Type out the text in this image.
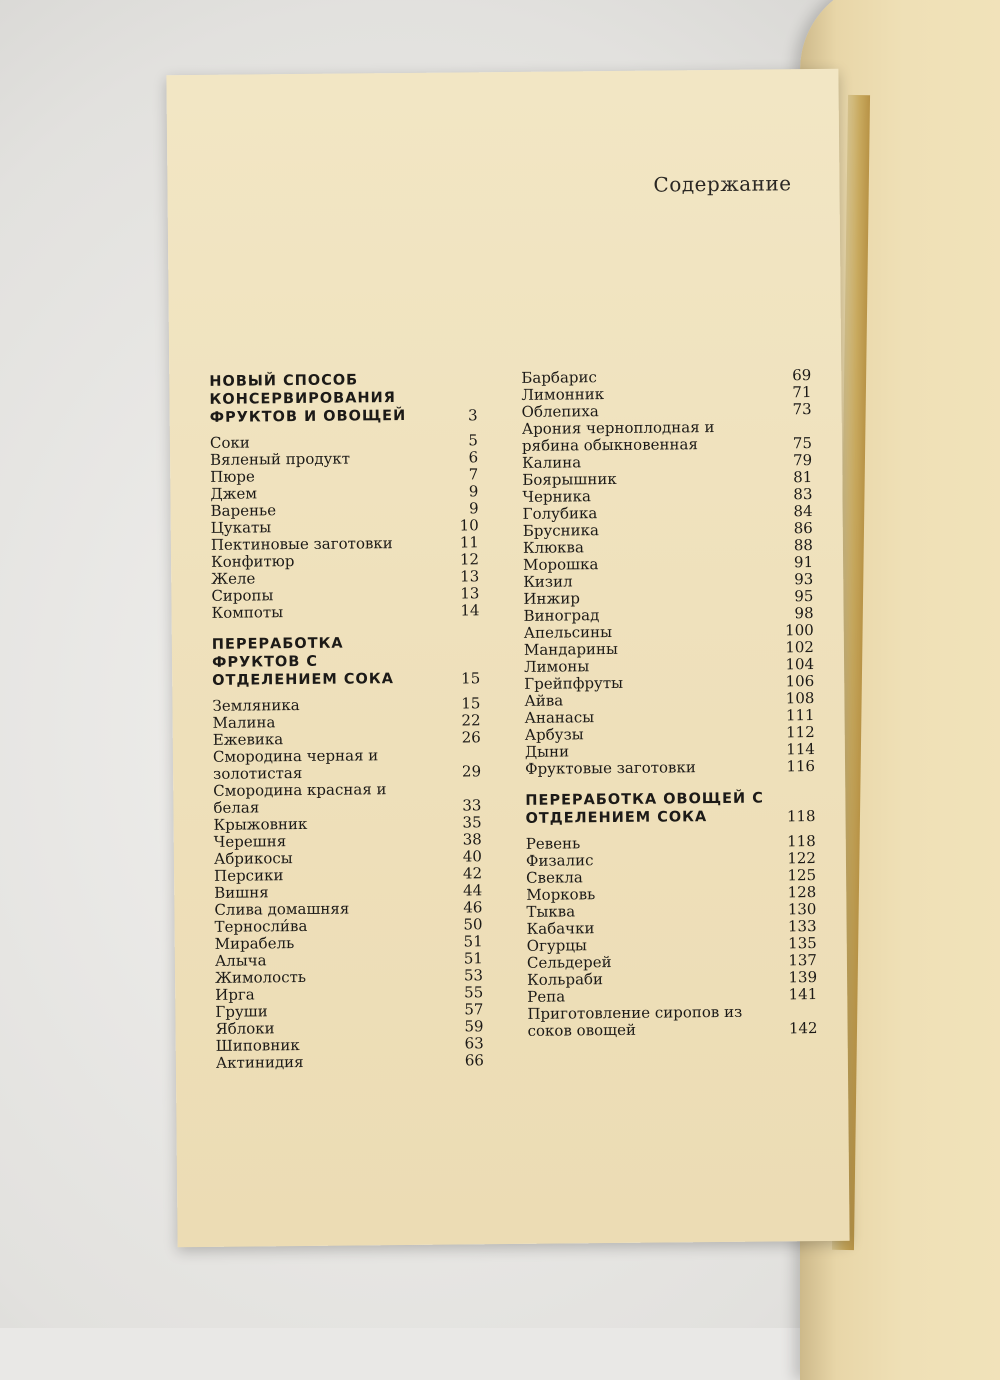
Содержание
НОВЫЙ СПОСОБ КОНСЕРВИРОВАНИЯ ФРУКТОВ И ОВОЩЕЙ	3
Соки	5
Вяленый продукт	6
Пюре	7
Джем	9
Варенье	9
Цукаты	10
Пектиновые заготовки	11
Конфитюр	12
Желе	13
Сиропы	13
Компоты	14
ПЕРЕРАБОТКА ФРУКТОВ С ОТДЕЛЕНИЕМ СОКА	15
Земляника	15
Малина	22
Ежевика	26
Смородина черная и золотистая	29
Смородина красная и белая	33
Крыжовник	35
Черешня	38
Абрикосы	40
Персики	42
Вишня	44
Слива домашняя	46
Терносли́ва	50
Мирабель	51
Алыча	51
Жимолость	53
Ирга	55
Груши	57
Яблоки	59
Шиповник	63
Актинидия	66
Барбарис	69
Лимонник	71
Облепиха	73
Арония черноплодная и рябина обыкновенная	75
Калина	79
Боярышник	81
Черника	83
Голубика	84
Брусника	86
Клюква	88
Морошка	91
Кизил	93
Инжир	95
Виноград	98
Апельсины	100
Мандарины	102
Лимоны	104
Грейпфруты	106
Айва	108
Ананасы	111
Арбузы	112
Дыни	114
Фруктовые заготовки	116
ПЕРЕРАБОТКА ОВОЩЕЙ С ОТДЕЛЕНИЕМ СОКА	118
Ревень	118
Физалис	122
Свекла	125
Морковь	128
Тыква	130
Кабачки	133
Огурцы	135
Сельдерей	137
Кольраби	139
Репа	141
Приготовление сиропов из соков овощей	142
